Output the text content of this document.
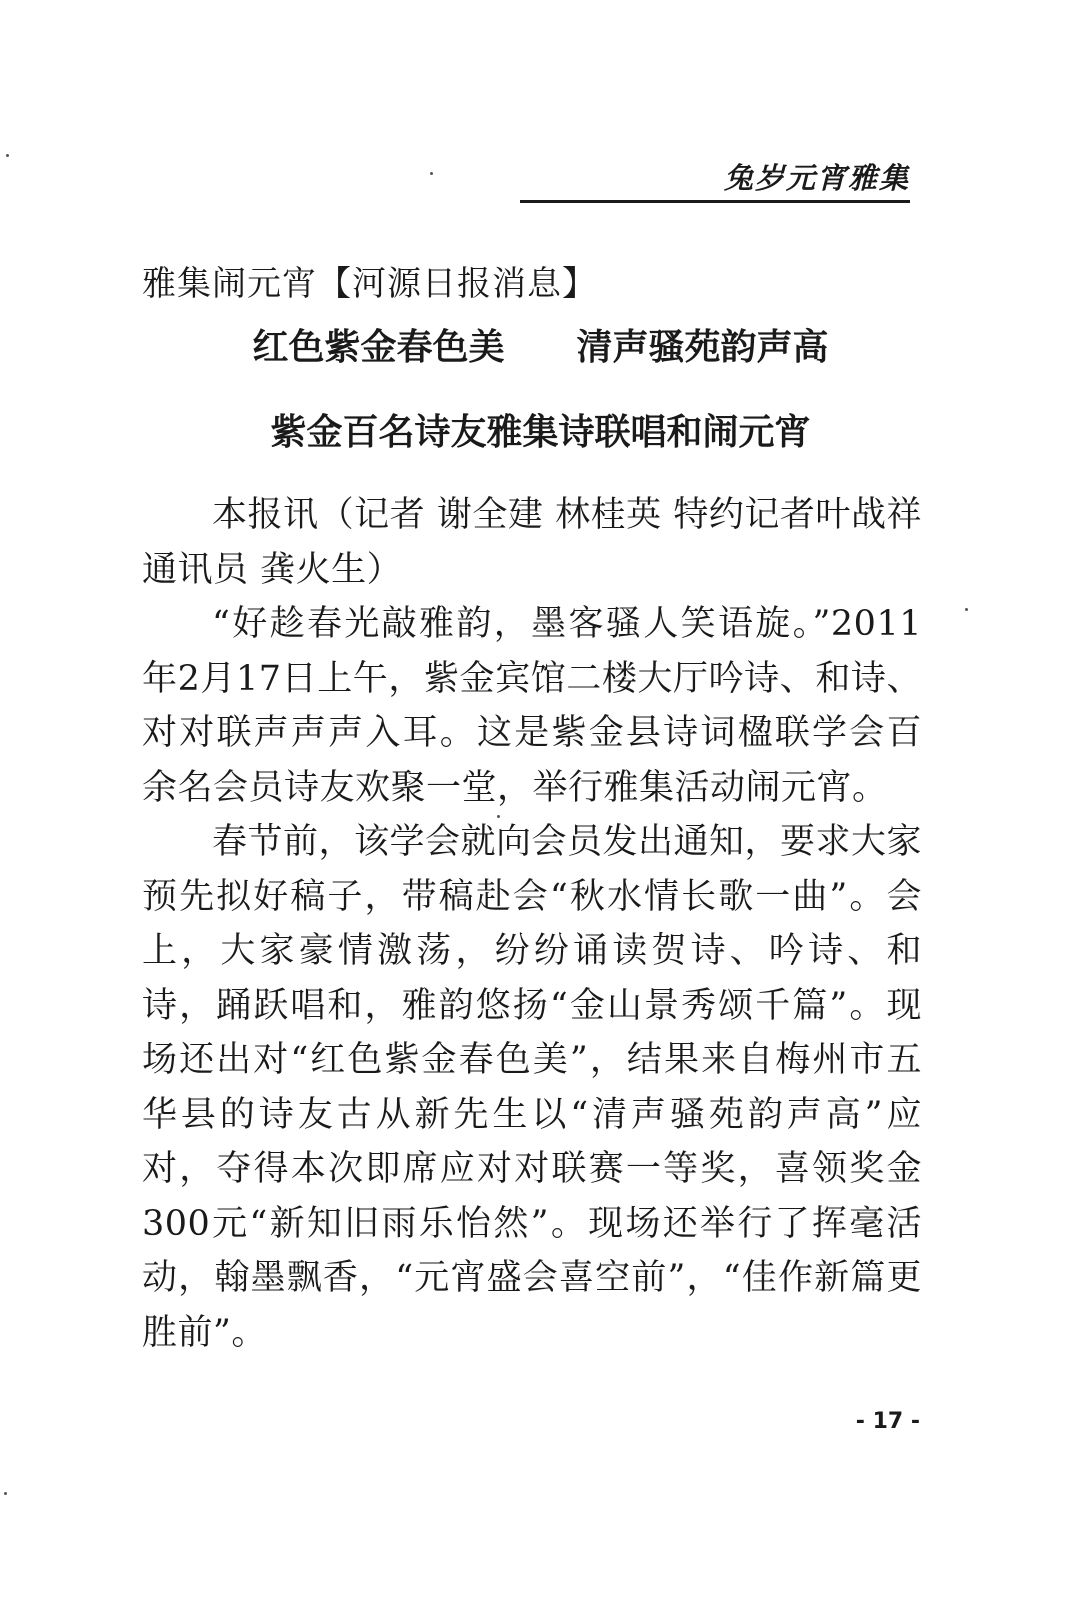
兔岁元宵雅集
雅集闹元宵【河源日报消息】
红色紫金春色美　　清声骚苑韵声高
紫金百名诗友雅集诗联唱和闹元宵

本报讯（记者 谢全建 林桂英 特约记者叶战祥 通讯员 龚火生）

“好趁春光敲雅韵，墨客骚人笑语旋。”2011年2月17日上午，紫金宾馆二楼大厅吟诗、和诗、对对联声声声入耳。这是紫金县诗词楹联学会百余名会员诗友欢聚一堂，举行雅集活动闹元宵。

春节前，该学会就向会员发出通知，要求大家预先拟好稿子，带稿赴会“秋水情长歌一曲”。会上，大家豪情激荡，纷纷诵读贺诗、吟诗、和诗，踊跃唱和，雅韵悠扬“金山景秀颂千篇”。现场还出对“红色紫金春色美”，结果来自梅州市五华县的诗友古从新先生以“清声骚苑韵声高”应对，夺得本次即席应对对联赛一等奖，喜领奖金300元“新知旧雨乐怡然”。现场还举行了挥毫活动，翰墨飘香，“元宵盛会喜空前”，“佳作新篇更胜前”。

- 17 -
